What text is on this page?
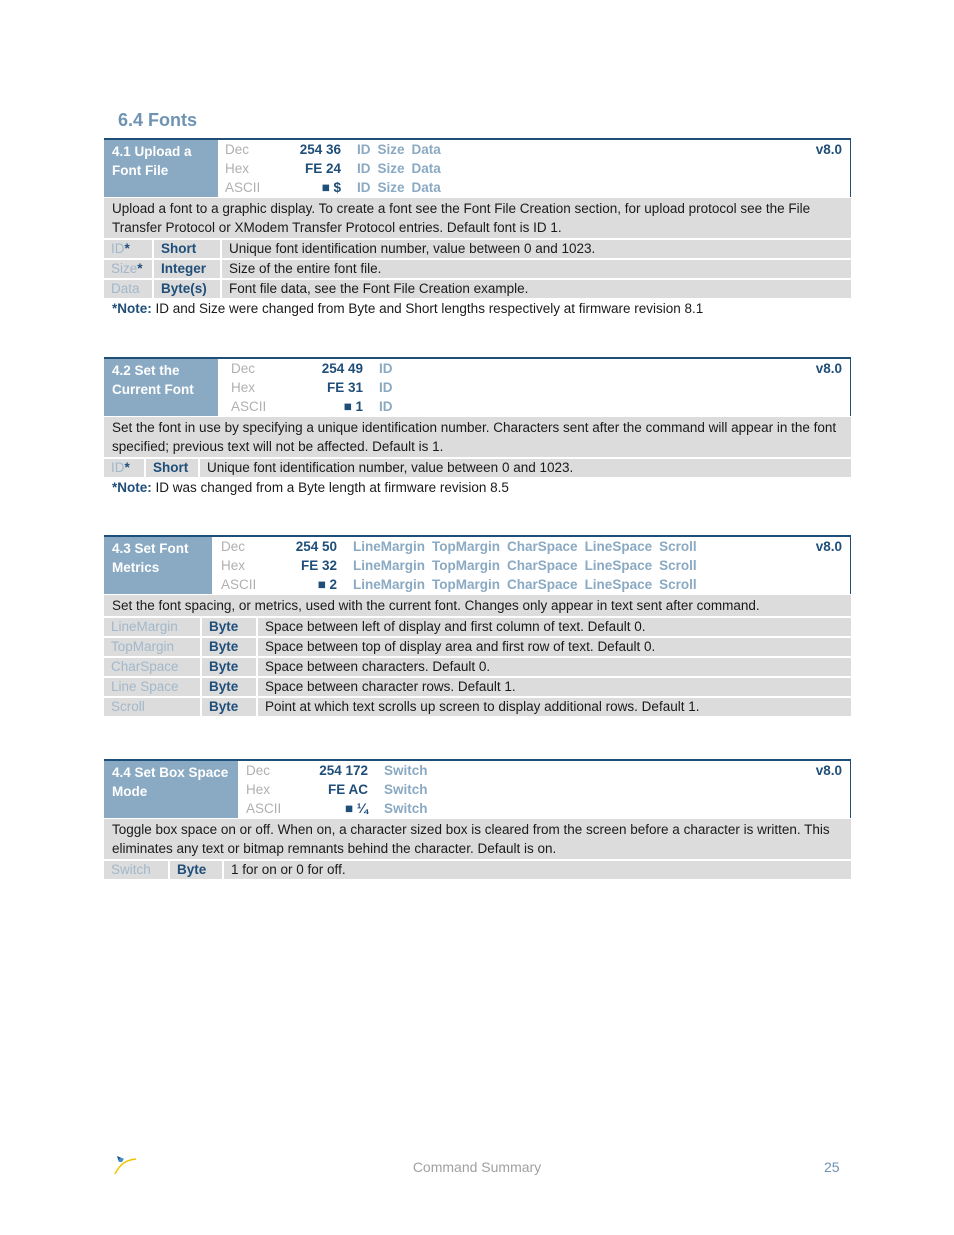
6.4 Fonts
4.1 Upload a
Font File
v8.0
Dec	254 36 ID Size Data
Hex	FE 24 ID Size Data
ASCII	■ $ ID Size Data
Upload a font to a graphic display. To create a font see the Font File Creation section, for upload protocol see the File Transfer Protocol or XModem Transfer Protocol entries. Default font is ID 1.
ID*	Short	Unique font identification number, value between 0 and 1023.
Size*	Integer	Size of the entire font file.
Data	Byte(s)	Font file data, see the Font File Creation example.
*Note: ID and Size were changed from Byte and Short lengths respectively at firmware revision 8.1
4.2 Set the
Current Font
v8.0
Dec	254 49 ID
Hex	FE 31 ID
ASCII	■ 1 ID
Set the font in use by specifying a unique identification number. Characters sent after the command will appear in the font specified; previous text will not be affected. Default is 1.
ID*	Short	Unique font identification number, value between 0 and 1023.
*Note: ID was changed from a Byte length at firmware revision 8.5
4.3 Set Font
Metrics
v8.0
Dec	254 50 LineMargin TopMargin CharSpace LineSpace Scroll
Hex	FE 32 LineMargin TopMargin CharSpace LineSpace Scroll
ASCII	■ 2 LineMargin TopMargin CharSpace LineSpace Scroll
Set the font spacing, or metrics, used with the current font. Changes only appear in text sent after command.
LineMargin	Byte	Space between left of display and first column of text. Default 0.
TopMargin	Byte	Space between top of display area and first row of text. Default 0.
CharSpace	Byte	Space between characters. Default 0.
Line Space	Byte	Space between character rows. Default 1.
Scroll	Byte	Point at which text scrolls up screen to display additional rows. Default 1.
4.4 Set Box Space
Mode
v8.0
Dec	254 172 Switch
Hex	FE AC Switch
ASCII	■ ¼ Switch
Toggle box space on or off. When on, a character sized box is cleared from the screen before a character is written. This eliminates any text or bitmap remnants behind the character. Default is on.
Switch	Byte	1 for on or 0 for off.
Command Summary	25
